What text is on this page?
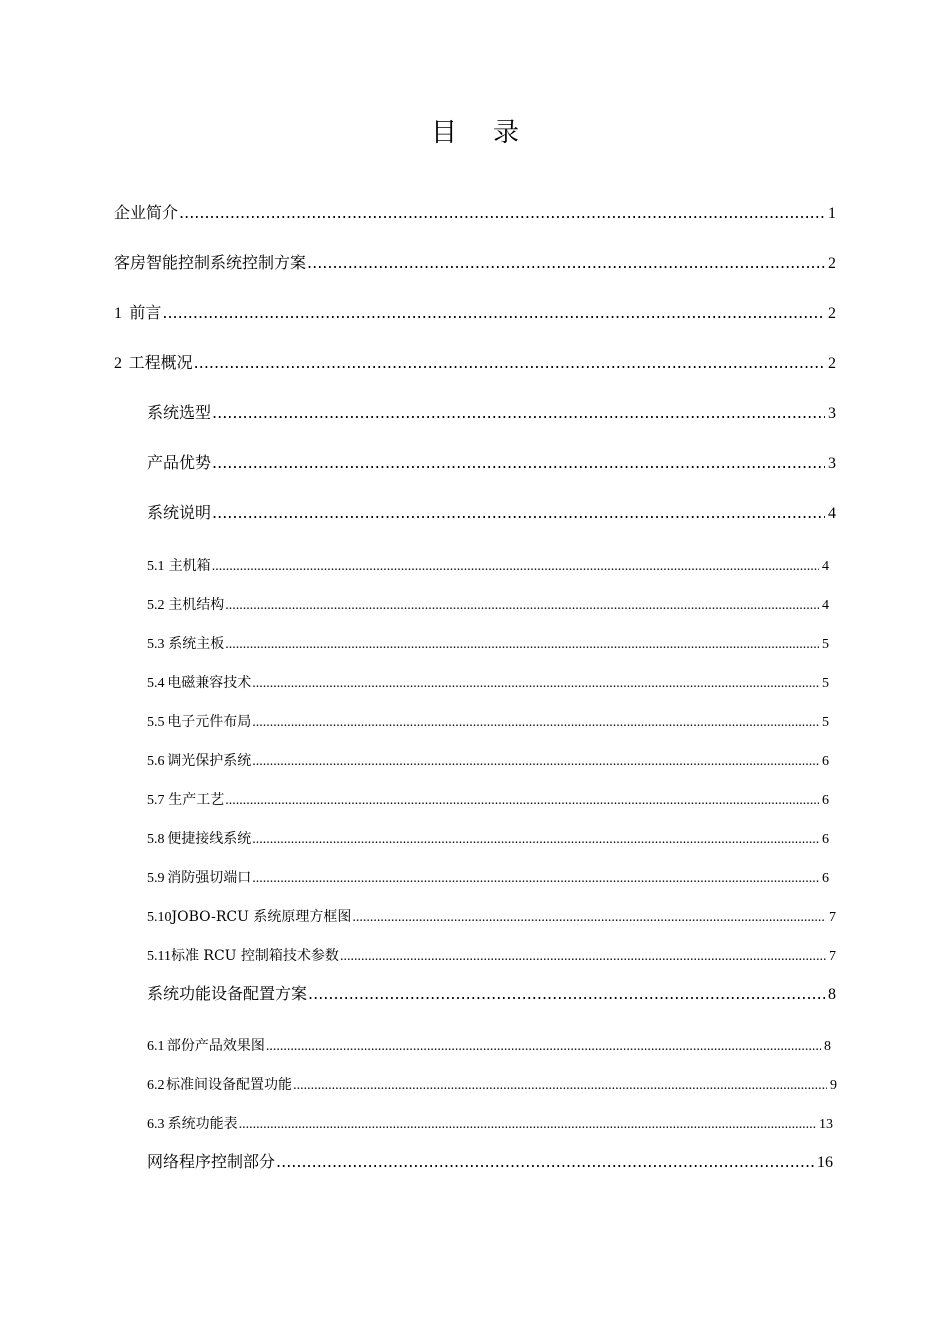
目 录
企业简介 .....	1
客房智能控制系统控制方案 .....	2
1 前言 .....	2
2 工程概况 .....	2
系统选型 .....	3
产品优势 .....	3
系统说明 .....	4
5.1 主机箱 .....	4
5.2 主机结构 .....	4
5.3 系统主板 .....	5
5.4 电磁兼容技术 .....	5
5.5 电子元件布局 .....	5
5.6 调光保护系统 .....	6
5.7 生产工艺 .....	6
5.8 便捷接线系统 .....	6
5.9 消防强切端口 .....	6
5.10 JOBO-RCU 系统原理方框图 .....	7
5.11 标准 RCU 控制箱技术参数 .....	7
系统功能设备配置方案 .....	8
6.1 部份产品效果图 .....	8
6.2 标准间设备配置功能 .....	9
6.3 系统功能表 .....	13
网络程序控制部分 .....	16
